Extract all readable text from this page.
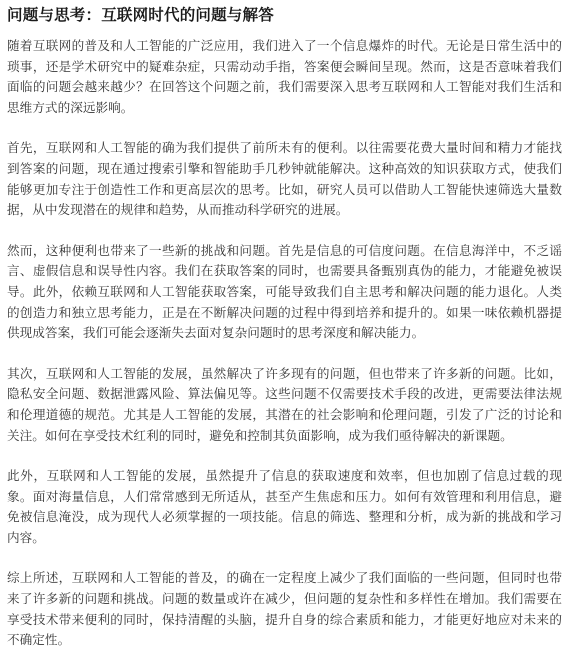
问题与思考：互联网时代的问题与解答

随着互联网的普及和人工智能的广泛应用，我们进入了一个信息爆炸的时代。无论是日常生活中的琐事，还是学术研究中的疑难杂症，只需动动手指，答案便会瞬间呈现。然而，这是否意味着我们面临的问题会越来越少？在回答这个问题之前，我们需要深入思考互联网和人工智能对我们生活和思维方式的深远影响。

首先，互联网和人工智能的确为我们提供了前所未有的便利。以往需要花费大量时间和精力才能找到答案的问题，现在通过搜索引擎和智能助手几秒钟就能解决。这种高效的知识获取方式，使我们能够更加专注于创造性工作和更高层次的思考。比如，研究人员可以借助人工智能快速筛选大量数据，从中发现潜在的规律和趋势，从而推动科学研究的进展。

然而，这种便利也带来了一些新的挑战和问题。首先是信息的可信度问题。在信息海洋中，不乏谣言、虚假信息和误导性内容。我们在获取答案的同时，也需要具备甄别真伪的能力，才能避免被误导。此外，依赖互联网和人工智能获取答案，可能导致我们自主思考和解决问题的能力退化。人类的创造力和独立思考能力，正是在不断解决问题的过程中得到培养和提升的。如果一味依赖机器提供现成答案，我们可能会逐渐失去面对复杂问题时的思考深度和解决能力。

其次，互联网和人工智能的发展，虽然解决了许多现有的问题，但也带来了许多新的问题。比如，隐私安全问题、数据泄露风险、算法偏见等。这些问题不仅需要技术手段的改进，更需要法律法规和伦理道德的规范。尤其是人工智能的发展，其潜在的社会影响和伦理问题，引发了广泛的讨论和关注。如何在享受技术红利的同时，避免和控制其负面影响，成为我们亟待解决的新课题。

此外，互联网和人工智能的发展，虽然提升了信息的获取速度和效率，但也加剧了信息过载的现象。面对海量信息，人们常常感到无所适从，甚至产生焦虑和压力。如何有效管理和利用信息，避免被信息淹没，成为现代人必须掌握的一项技能。信息的筛选、整理和分析，成为新的挑战和学习内容。

综上所述，互联网和人工智能的普及，的确在一定程度上减少了我们面临的一些问题，但同时也带来了许多新的问题和挑战。问题的数量或许在减少，但问题的复杂性和多样性在增加。我们需要在享受技术带来便利的同时，保持清醒的头脑，提升自身的综合素质和能力，才能更好地应对未来的不确定性。
